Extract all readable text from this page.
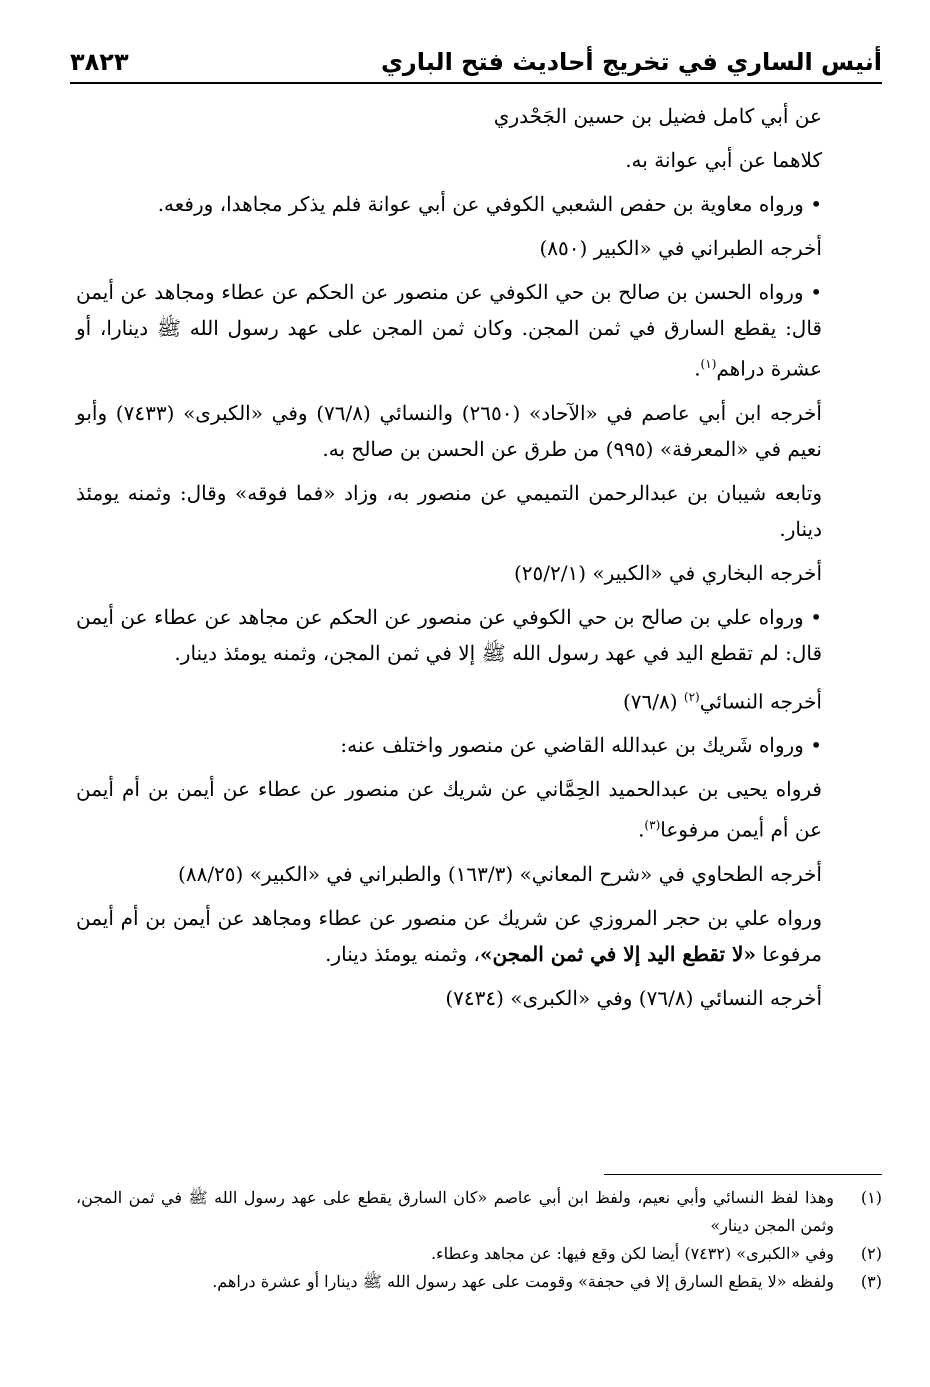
٣٨٢٣	أنيس الساري في تخريج أحاديث فتح الباري

عن أبي كامل فضيل بن حسين الجَحْدري

كلاهما عن أبي عوانة به.

• ورواه معاوية بن حفص الشعبي الكوفي عن أبي عوانة فلم يذكر مجاهدا، ورفعه.

أخرجه الطبراني في «الكبير (٨٥٠)

• ورواه الحسن بن صالح بن حي الكوفي عن منصور عن الحكم عن عطاء ومجاهد عن أيمن قال: يقطع السارق في ثمن المجن. وكان ثمن المجن على عهد رسول الله ﷺ دينارا، أو عشرة دراهم$^{(١)}$.

أخرجه ابن أبي عاصم في «الآحاد» (٢٦٥٠) والنسائي (٧٦/٨) وفي «الكبرى» (٧٤٣٣) وأبو نعيم في «المعرفة» (٩٩٥) من طرق عن الحسن بن صالح به.

وتابعه شيبان بن عبدالرحمن التميمي عن منصور به، وزاد «فما فوقه» وقال: وثمنه يومئذ دينار.

أخرجه البخاري في «الكبير» (٢٥/٢/١)

• ورواه علي بن صالح بن حي الكوفي عن منصور عن الحكم عن مجاهد عن عطاء عن أيمن قال: لم تقطع اليد في عهد رسول الله ﷺ إلا في ثمن المجن، وثمنه يومئذ دينار.

أخرجه النسائي$^{(٢)}$ (٧٦/٨)

• ورواه شَريك بن عبدالله القاضي عن منصور واختلف عنه:

فرواه يحيى بن عبدالحميد الحِمَّاني عن شريك عن منصور عن عطاء عن أيمن بن أم أيمن عن أم أيمن مرفوعا$^{(٣)}$.

أخرجه الطحاوي في «شرح المعاني» (١٦٣/٣) والطبراني في «الكبير» (٨٨/٢٥)

ورواه علي بن حجر المروزي عن شريك عن منصور عن عطاء ومجاهد عن أيمن بن أم أيمن مرفوعا «لا تقطع اليد إلا في ثمن المجن»، وثمنه يومئذ دينار.

أخرجه النسائي (٧٦/٨) وفي «الكبرى» (٧٤٣٤)

(١)
وهذا لفظ النسائي وأبي نعيم، ولفظ ابن أبي عاصم «كان السارق يقطع على عهد رسول الله ﷺ في ثمن المجن، وثمن المجن دينار»
(٢)
وفي «الكبرى» (٧٤٣٢) أيضا لكن وقع فيها: عن مجاهد وعطاء.
(٣)
ولفظه «لا يقطع السارق إلا في حجفة» وقومت على عهد رسول الله ﷺ دينارا أو عشرة دراهم.
